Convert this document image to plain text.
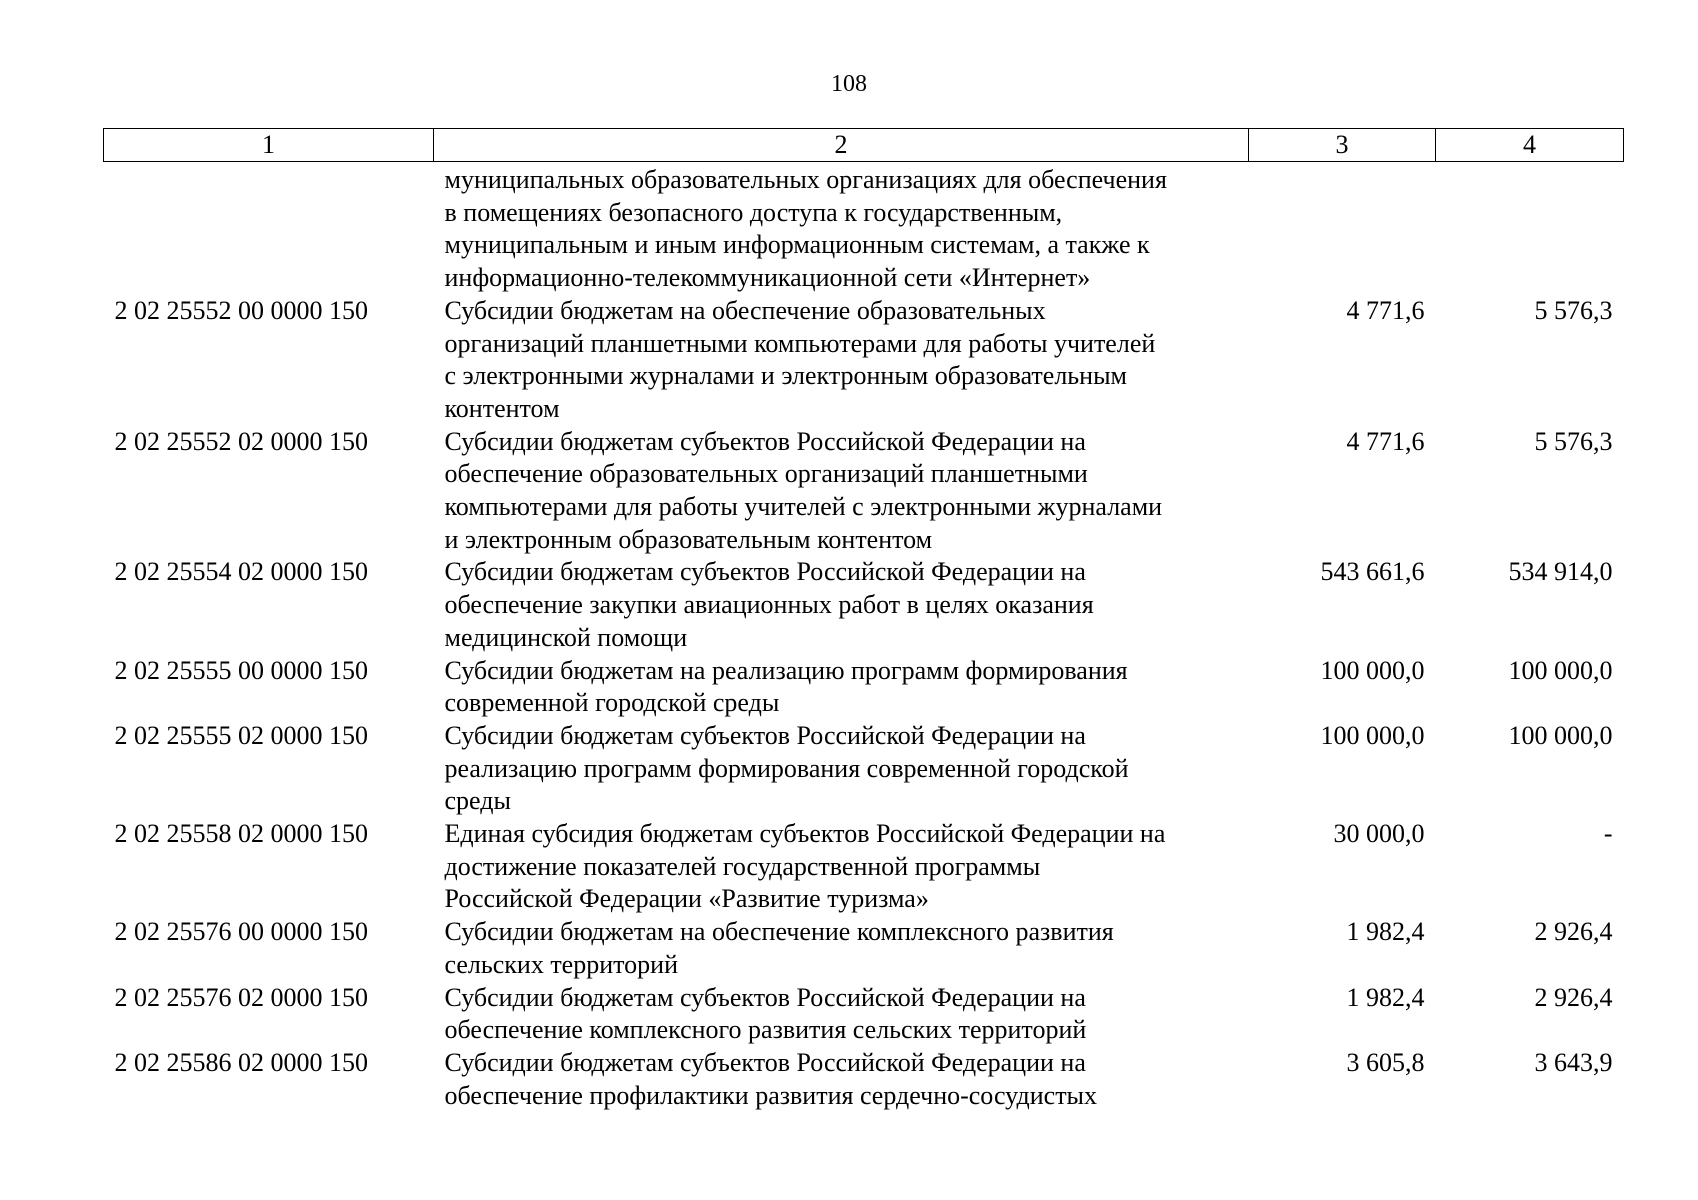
108
1	2	3	4

	муниципальных образовательных организациях для обеспечения
в помещениях безопасного доступа к государственным,
муниципальным и иным информационным системам, а также к
информационно-телекоммуникационной сети «Интернет»		

2 02 25552 00 0000 150	Субсидии бюджетам на обеспечение образовательных
организаций планшетными компьютерами для работы учителей
с электронными журналами и электронным образовательным
контентом	4 771,6	5 576,3
2 02 25552 02 0000 150	Субсидии бюджетам субъектов Российской Федерации на
обеспечение образовательных организаций планшетными
компьютерами для работы учителей с электронными журналами
и электронным образовательным контентом	4 771,6	5 576,3
2 02 25554 02 0000 150	Субсидии бюджетам субъектов Российской Федерации на
обеспечение закупки авиационных работ в целях оказания
медицинской помощи	543 661,6	534 914,0
2 02 25555 00 0000 150	Субсидии бюджетам на реализацию программ формирования
современной городской среды	100 000,0	100 000,0
2 02 25555 02 0000 150	Субсидии бюджетам субъектов Российской Федерации на
реализацию программ формирования современной городской
среды	100 000,0	100 000,0
2 02 25558 02 0000 150	Единая субсидия бюджетам субъектов Российской Федерации на
достижение показателей государственной программы
Российской Федерации «Развитие туризма»	30 000,0	-
2 02 25576 00 0000 150	Субсидии бюджетам на обеспечение комплексного развития
сельских территорий	1 982,4	2 926,4
2 02 25576 02 0000 150	Субсидии бюджетам субъектов Российской Федерации на
обеспечение комплексного развития сельских территорий	1 982,4	2 926,4
2 02 25586 02 0000 150	Субсидии бюджетам субъектов Российской Федерации на
обеспечение профилактики развития сердечно-сосудистых	3 605,8	3 643,9
